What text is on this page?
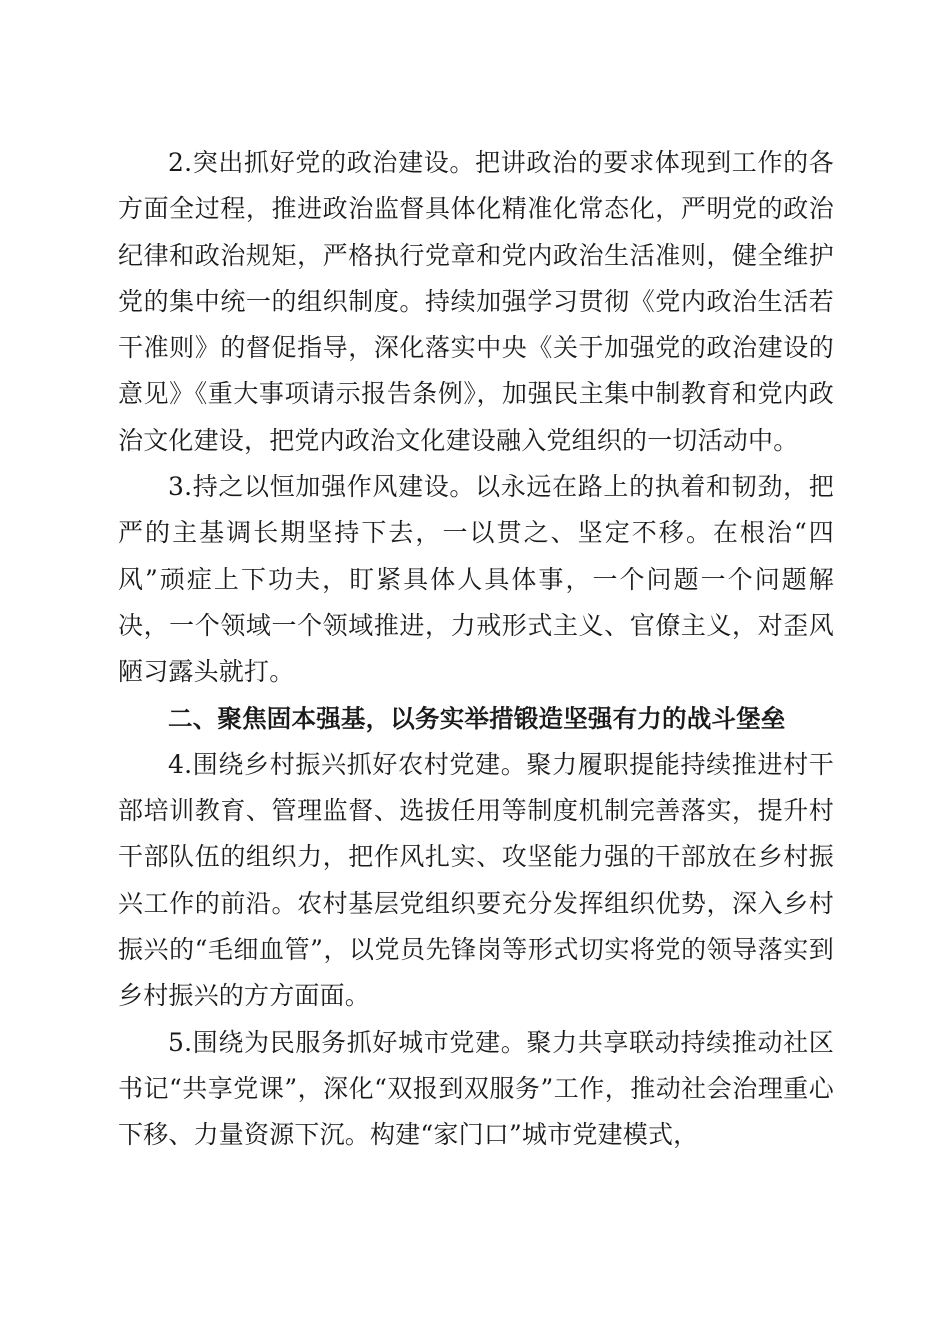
2.突出抓好党的政治建设。把讲政治的要求体现到工作的各方面全过程，推进政治监督具体化精准化常态化，严明党的政治纪律和政治规矩，严格执行党章和党内政治生活准则，健全维护党的集中统一的组织制度。持续加强学习贯彻《党内政治生活若干准则》的督促指导，深化落实中央《关于加强党的政治建设的意见》《重大事项请示报告条例》，加强民主集中制教育和党内政治文化建设，把党内政治文化建设融入党组织的一切活动中。

3.持之以恒加强作风建设。以永远在路上的执着和韧劲，把严的主基调长期坚持下去，一以贯之、坚定不移。在根治“四风”顽症上下功夫，盯紧具体人具体事，一个问题一个问题解决，一个领域一个领域推进，力戒形式主义、官僚主义，对歪风陋习露头就打。

二、聚焦固本强基，以务实举措锻造坚强有力的战斗堡垒

4.围绕乡村振兴抓好农村党建。聚力履职提能持续推进村干部培训教育、管理监督、选拔任用等制度机制完善落实，提升村干部队伍的组织力，把作风扎实、攻坚能力强的干部放在乡村振兴工作的前沿。农村基层党组织要充分发挥组织优势，深入乡村振兴的“毛细血管”，以党员先锋岗等形式切实将党的领导落实到乡村振兴的方方面面。

5.围绕为民服务抓好城市党建。聚力共享联动持续推动社区书记“共享党课”，深化“双报到双服务”工作，推动社会治理重心下移、力量资源下沉。构建“家门口”城市党建模式，
